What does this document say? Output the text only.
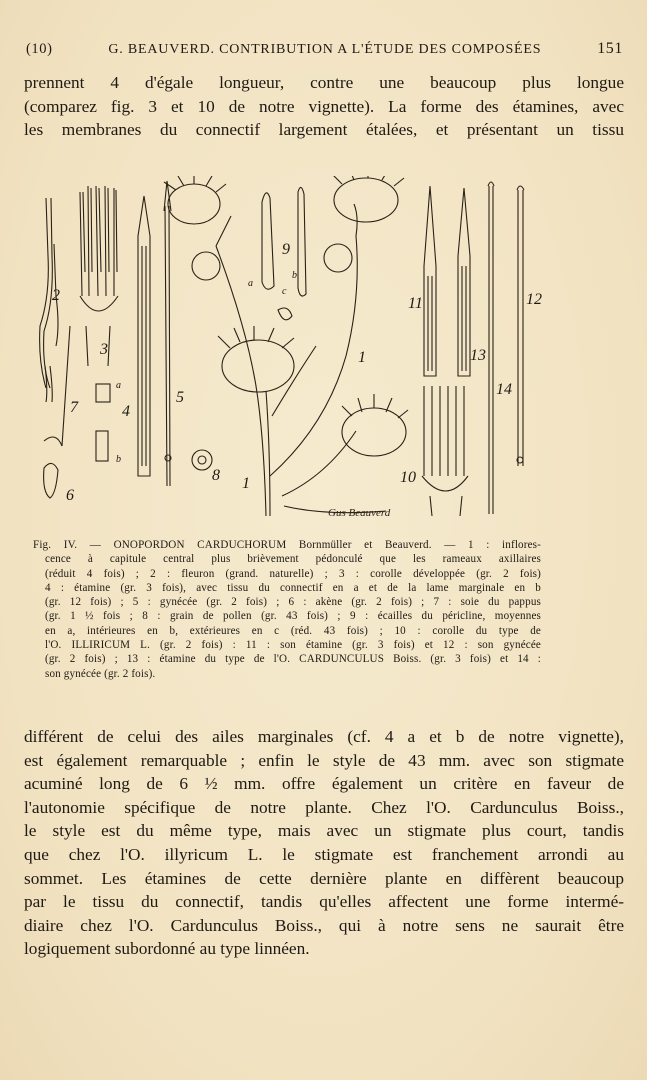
(10)	G. BEAUVERD. CONTRIBUTION A L'ÉTUDE DES COMPOSÉES	151
prennent 4 d'égale longueur, contre une beaucoup plus longue
(comparez fig. 3 et 10 de notre vignette). La forme des étamines, avec
les membranes du connectif largement étalées, et présentant un tissu
1
1
2
3
4
5
6
7
8
9
10
11	12
13
14
a
b
a
b
c
Gus Beauverd
Fig. IV. — ONOPORDON CARDUCHORUM Bornmüller et Beauverd. — 1 : inflores-
cence à capitule central plus brièvement pédonculé que les rameaux axillaires
(réduit 4 fois) ; 2 : fleuron (grand. naturelle) ; 3 : corolle développée (gr. 2 fois)
4 : étamine (gr. 3 fois), avec tissu du connectif en a et de la lame marginale en b
(gr. 12 fois) ; 5 : gynécée (gr. 2 fois) ; 6 : akène (gr. 2 fois) ; 7 : soie du pappus
(gr. 1 ½ fois ; 8 : grain de pollen (gr. 43 fois) ; 9 : écailles du péricline, moyennes
en a, intérieures en b, extérieures en c (réd. 43 fois) ; 10 : corolle du type de
l'O. ILLIRICUM L. (gr. 2 fois) : 11 : son étamine (gr. 3 fois) et 12 : son gynécée
(gr. 2 fois) ; 13 : étamine du type de l'O. CARDUNCULUS Boiss. (gr. 3 fois) et 14 :
son gynécée (gr. 2 fois).
différent de celui des ailes marginales (cf. 4 a et b de notre vignette),
est également remarquable ; enfin le style de 43 mm. avec son stigmate
acuminé long de 6 ½ mm. offre également un critère en faveur de
l'autonomie spécifique de notre plante. Chez l'O. Cardunculus Boiss.,
le style est du même type, mais avec un stigmate plus court, tandis
que chez l'O. illyricum L. le stigmate est franchement arrondi au
sommet. Les étamines de cette dernière plante en diffèrent beaucoup
par le tissu du connectif, tandis qu'elles affectent une forme intermé-
diaire chez l'O. Cardunculus Boiss., qui à notre sens ne saurait être
logiquement subordonné au type linnéen.
